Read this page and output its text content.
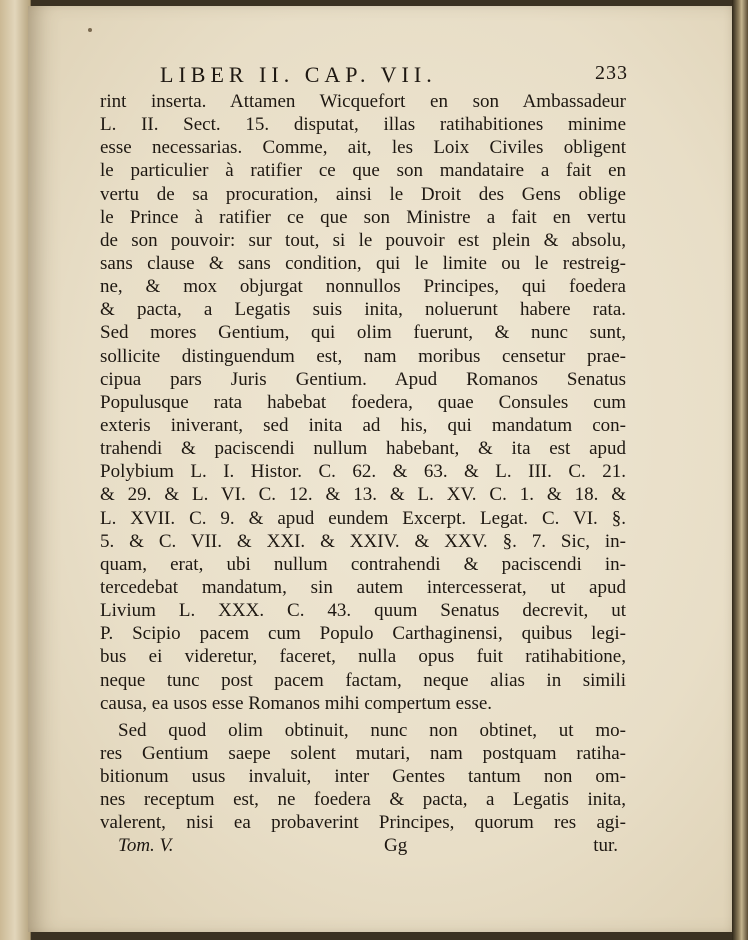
LIBER II. CAP. VII.	233
rint inserta. Attamen Wicquefort en son Ambassadeur
L. II. Sect. 15. disputat, illas ratihabitiones minime
esse necessarias. Comme, ait, les Loix Civiles obligent
le particulier à ratifier ce que son mandataire a fait en
vertu de sa procuration, ainsi le Droit des Gens oblige
le Prince à ratifier ce que son Ministre a fait en vertu
de son pouvoir: sur tout, si le pouvoir est plein & absolu,
sans clause & sans condition, qui le limite ou le restreig-
ne, & mox objurgat nonnullos Principes, qui foedera
& pacta, a Legatis suis inita, noluerunt habere rata.
Sed mores Gentium, qui olim fuerunt, & nunc sunt,
sollicite distinguendum est, nam moribus censetur prae-
cipua pars Juris Gentium. Apud Romanos Senatus
Populusque rata habebat foedera, quae Consules cum
exteris iniverant, sed inita ad his, qui mandatum con-
trahendi & paciscendi nullum habebant, & ita est apud
Polybium L. I. Histor. C. 62. & 63. & L. III. C. 21.
& 29. & L. VI. C. 12. & 13. & L. XV. C. 1. & 18. &
L. XVII. C. 9. & apud eundem Excerpt. Legat. C. VI. §.
5. & C. VII. & XXI. & XXIV. & XXV. §. 7. Sic, in-
quam, erat, ubi nullum contrahendi & paciscendi in-
tercedebat mandatum, sin autem intercesserat, ut apud
Livium L. XXX. C. 43. quum Senatus decrevit, ut
P. Scipio pacem cum Populo Carthaginensi, quibus legi-
bus ei videretur, faceret, nulla opus fuit ratihabitione,
neque tunc post pacem factam, neque alias in simili
causa, ea usos esse Romanos mihi compertum esse.
Sed quod olim obtinuit, nunc non obtinet, ut mo-
res Gentium saepe solent mutari, nam postquam ratiha-
bitionum usus invaluit, inter Gentes tantum non om-
nes receptum est, ne foedera & pacta, a Legatis inita,
valerent, nisi ea probaverint Principes, quorum res agi-
Tom. V.	Gg	tur.
